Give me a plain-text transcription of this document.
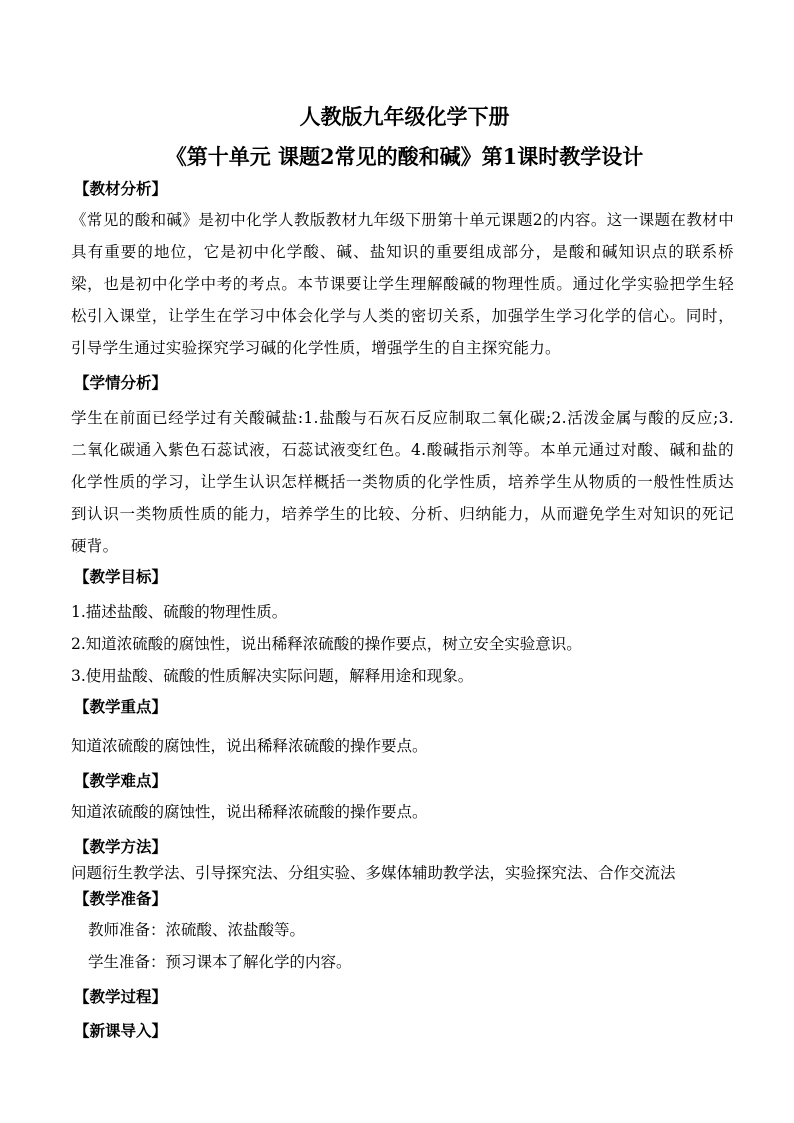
人教版九年级化学下册
《第十单元 课题2常见的酸和碱》第1课时教学设计
【教材分析】

《常见的酸和碱》是初中化学人教版教材九年级下册第十单元课题2的内容。这一课题在教材中具有重要的地位，它是初中化学酸、碱、盐知识的重要组成部分，是酸和碱知识点的联系桥梁，也是初中化学中考的考点。本节课要让学生理解酸碱的物理性质。通过化学实验把学生轻松引入课堂，让学生在学习中体会化学与人类的密切关系，加强学生学习化学的信心。同时，引导学生通过实验探究学习碱的化学性质，增强学生的自主探究能力。

【学情分析】

学生在前面已经学过有关酸碱盐:1.盐酸与石灰石反应制取二氧化碳;2.活泼金属与酸的反应;3.二氧化碳通入紫色石蕊试液，石蕊试液变红色。4.酸碱指示剂等。本单元通过对酸、碱和盐的化学性质的学习，让学生认识怎样概括一类物质的化学性质，培养学生从物质的一般性性质达到认识一类物质性质的能力，培养学生的比较、分析、归纳能力，从而避免学生对知识的死记硬背。

【教学目标】

1.描述盐酸、硫酸的物理性质。

2.知道浓硫酸的腐蚀性，说出稀释浓硫酸的操作要点，树立安全实验意识。

3.使用盐酸、硫酸的性质解决实际问题，解释用途和现象。

【教学重点】

知道浓硫酸的腐蚀性，说出稀释浓硫酸的操作要点。

【教学难点】

知道浓硫酸的腐蚀性，说出稀释浓硫酸的操作要点。

【教学方法】

问题衍生教学法、引导探究法、分组实验、多媒体辅助教学法，实验探究法、合作交流法

【教学准备】

教师准备：浓硫酸、浓盐酸等。

学生准备：预习课本了解化学的内容。

【教学过程】
【新课导入】
